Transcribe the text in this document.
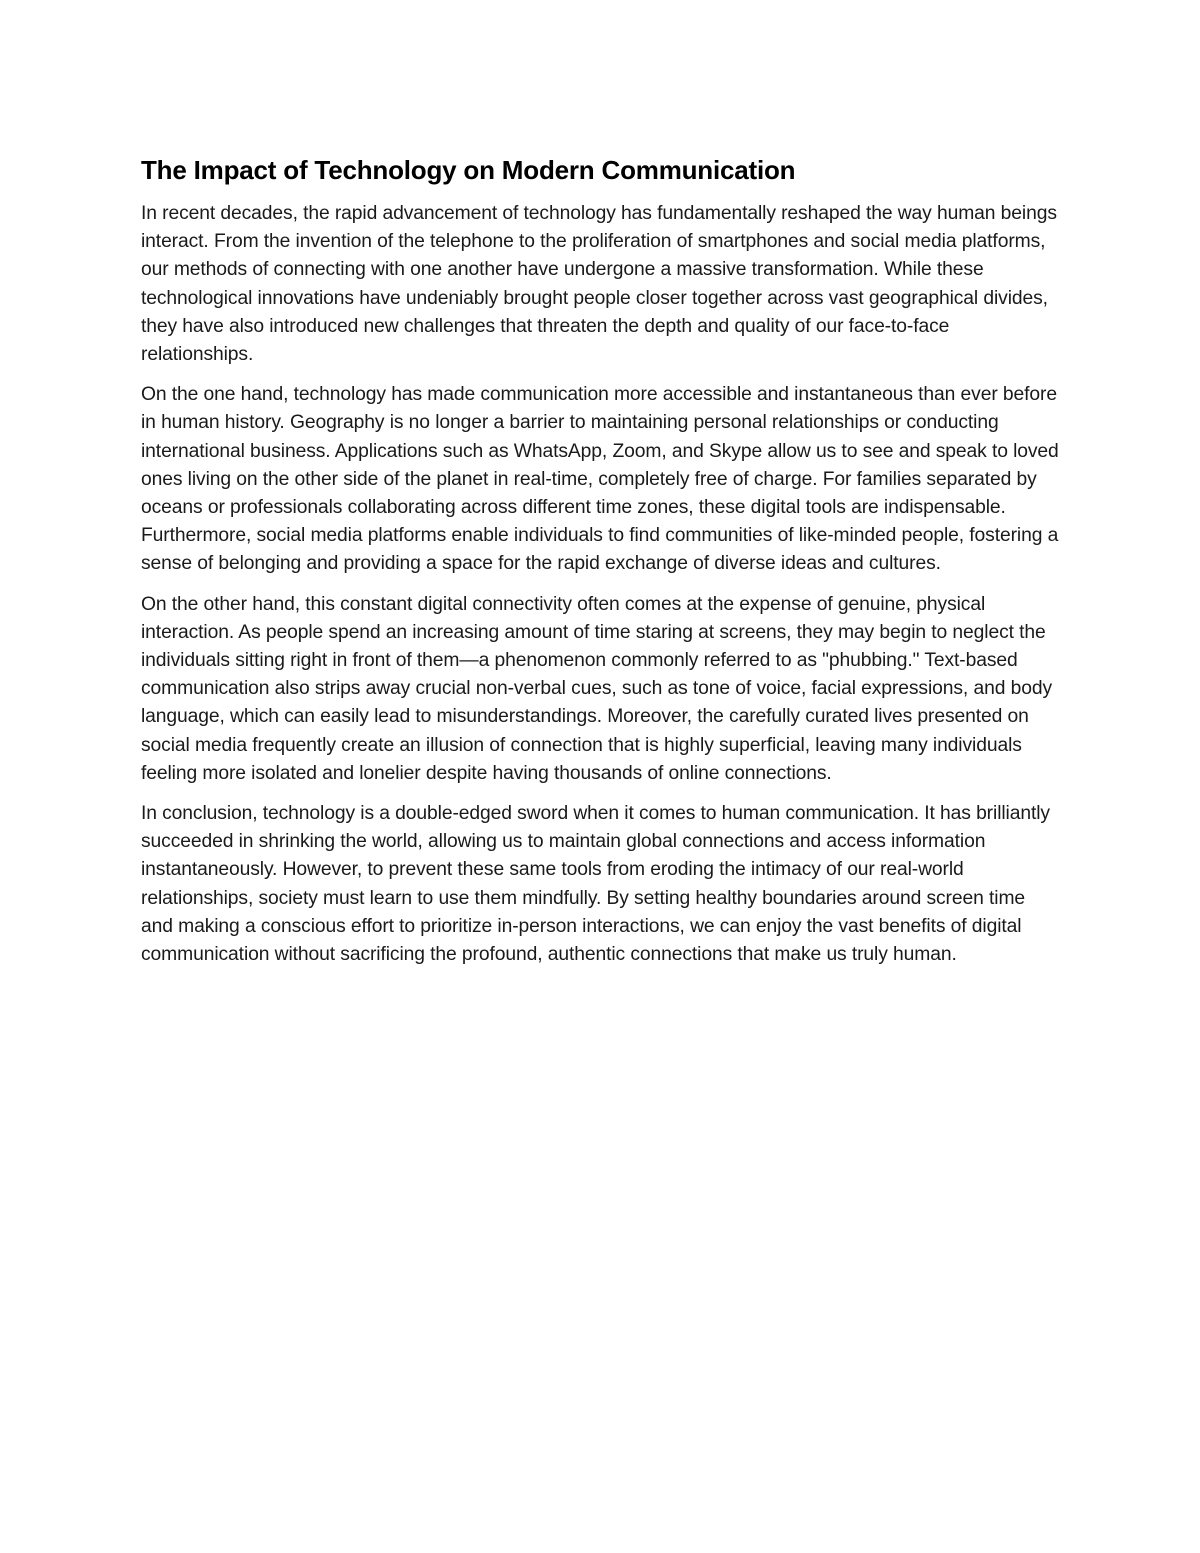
The Impact of Technology on Modern Communication

In recent decades, the rapid advancement of technology has fundamentally reshaped the way human beings interact. From the invention of the telephone to the proliferation of smartphones and social media platforms, our methods of connecting with one another have undergone a massive transformation. While these technological innovations have undeniably brought people closer together across vast geographical divides, they have also introduced new challenges that threaten the depth and quality of our face-to-face relationships.

On the one hand, technology has made communication more accessible and instantaneous than ever before in human history. Geography is no longer a barrier to maintaining personal relationships or conducting international business. Applications such as WhatsApp, Zoom, and Skype allow us to see and speak to loved ones living on the other side of the planet in real-time, completely free of charge. For families separated by oceans or professionals collaborating across different time zones, these digital tools are indispensable. Furthermore, social media platforms enable individuals to find communities of like-minded people, fostering a sense of belonging and providing a space for the rapid exchange of diverse ideas and cultures.

On the other hand, this constant digital connectivity often comes at the expense of genuine, physical interaction. As people spend an increasing amount of time staring at screens, they may begin to neglect the individuals sitting right in front of them—a phenomenon commonly referred to as "phubbing." Text-based communication also strips away crucial non-verbal cues, such as tone of voice, facial expressions, and body language, which can easily lead to misunderstandings. Moreover, the carefully curated lives presented on social media frequently create an illusion of connection that is highly superficial, leaving many individuals feeling more isolated and lonelier despite having thousands of online connections.

In conclusion, technology is a double-edged sword when it comes to human communication. It has brilliantly succeeded in shrinking the world, allowing us to maintain global connections and access information instantaneously. However, to prevent these same tools from eroding the intimacy of our real-world relationships, society must learn to use them mindfully. By setting healthy boundaries around screen time and making a conscious effort to prioritize in-person interactions, we can enjoy the vast benefits of digital communication without sacrificing the profound, authentic connections that make us truly human.
